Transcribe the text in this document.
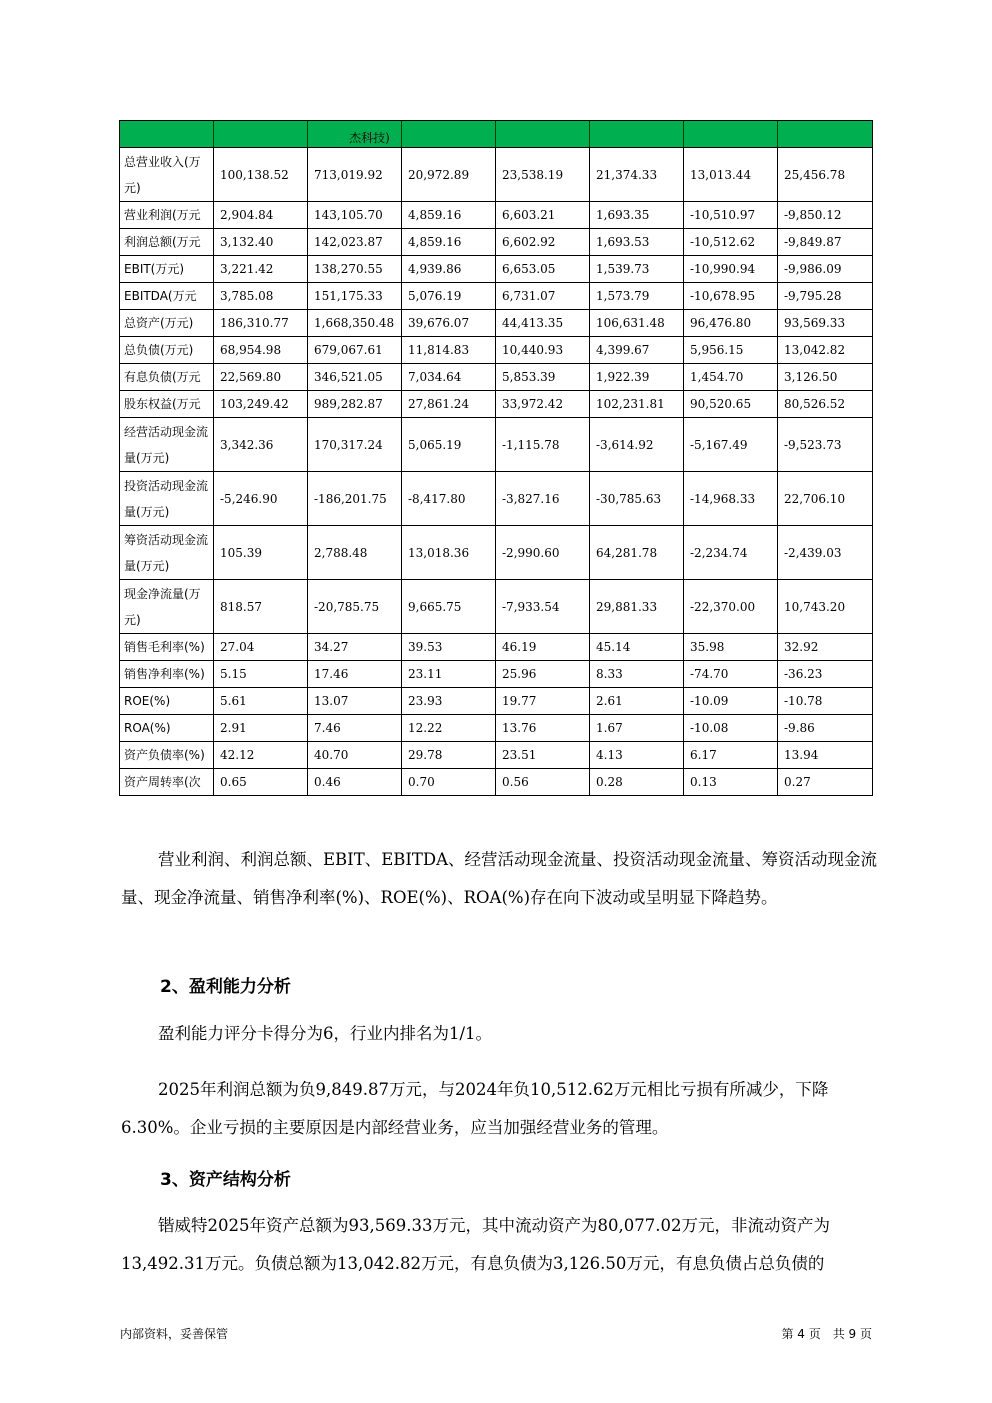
		杰科技)					

总营业收入(万元)	100,138.52	713,019.92	20,972.89	23,538.19	21,374.33	13,013.44	25,456.78
营业利润(万元	2,904.84	143,105.70	4,859.16	6,603.21	1,693.35	-10,510.97	-9,850.12
利润总额(万元	3,132.40	142,023.87	4,859.16	6,602.92	1,693.53	-10,512.62	-9,849.87
EBIT(万元)	3,221.42	138,270.55	4,939.86	6,653.05	1,539.73	-10,990.94	-9,986.09
EBITDA(万元	3,785.08	151,175.33	5,076.19	6,731.07	1,573.79	-10,678.95	-9,795.28
总资产(万元)	186,310.77	1,668,350.48	39,676.07	44,413.35	106,631.48	96,476.80	93,569.33
总负债(万元)	68,954.98	679,067.61	11,814.83	10,440.93	4,399.67	5,956.15	13,042.82
有息负债(万元	22,569.80	346,521.05	7,034.64	5,853.39	1,922.39	1,454.70	3,126.50
股东权益(万元	103,249.42	989,282.87	27,861.24	33,972.42	102,231.81	90,520.65	80,526.52
经营活动现金流量(万元)	3,342.36	170,317.24	5,065.19	-1,115.78	-3,614.92	-5,167.49	-9,523.73
投资活动现金流量(万元)	-5,246.90	-186,201.75	-8,417.80	-3,827.16	-30,785.63	-14,968.33	22,706.10
筹资活动现金流量(万元)	105.39	2,788.48	13,018.36	-2,990.60	64,281.78	-2,234.74	-2,439.03
现金净流量(万元)	818.57	-20,785.75	9,665.75	-7,933.54	29,881.33	-22,370.00	10,743.20
销售毛利率(%)	27.04	34.27	39.53	46.19	45.14	35.98	32.92
销售净利率(%)	5.15	17.46	23.11	25.96	8.33	-74.70	-36.23
ROE(%)	5.61	13.07	23.93	19.77	2.61	-10.09	-10.78
ROA(%)	2.91	7.46	12.22	13.76	1.67	-10.08	-9.86
资产负债率(%)	42.12	40.70	29.78	23.51	4.13	6.17	13.94
资产周转率(次	0.65	0.46	0.70	0.56	0.28	0.13	0.27
营业利润、利润总额、EBIT、EBITDA、经营活动现金流量、投资活动现金流量、筹资活动现金流量、现金净流量、销售净利率(%)、ROE(%)、ROA(%)存在向下波动或呈明显下降趋势。
2、盈利能力分析
盈利能力评分卡得分为6，行业内排名为1/1。
2025年利润总额为负9,849.87万元，与2024年负10,512.62万元相比亏损有所减少，下降6.30%。企业亏损的主要原因是内部经营业务，应当加强经营业务的管理。
3、资产结构分析
锴威特2025年资产总额为93,569.33万元，其中流动资产为80,077.02万元，非流动资产为13,492.31万元。负债总额为13,042.82万元，有息负债为3,126.50万元，有息负债占总负债的
内部资料，妥善保管	第 4 页　共 9 页
